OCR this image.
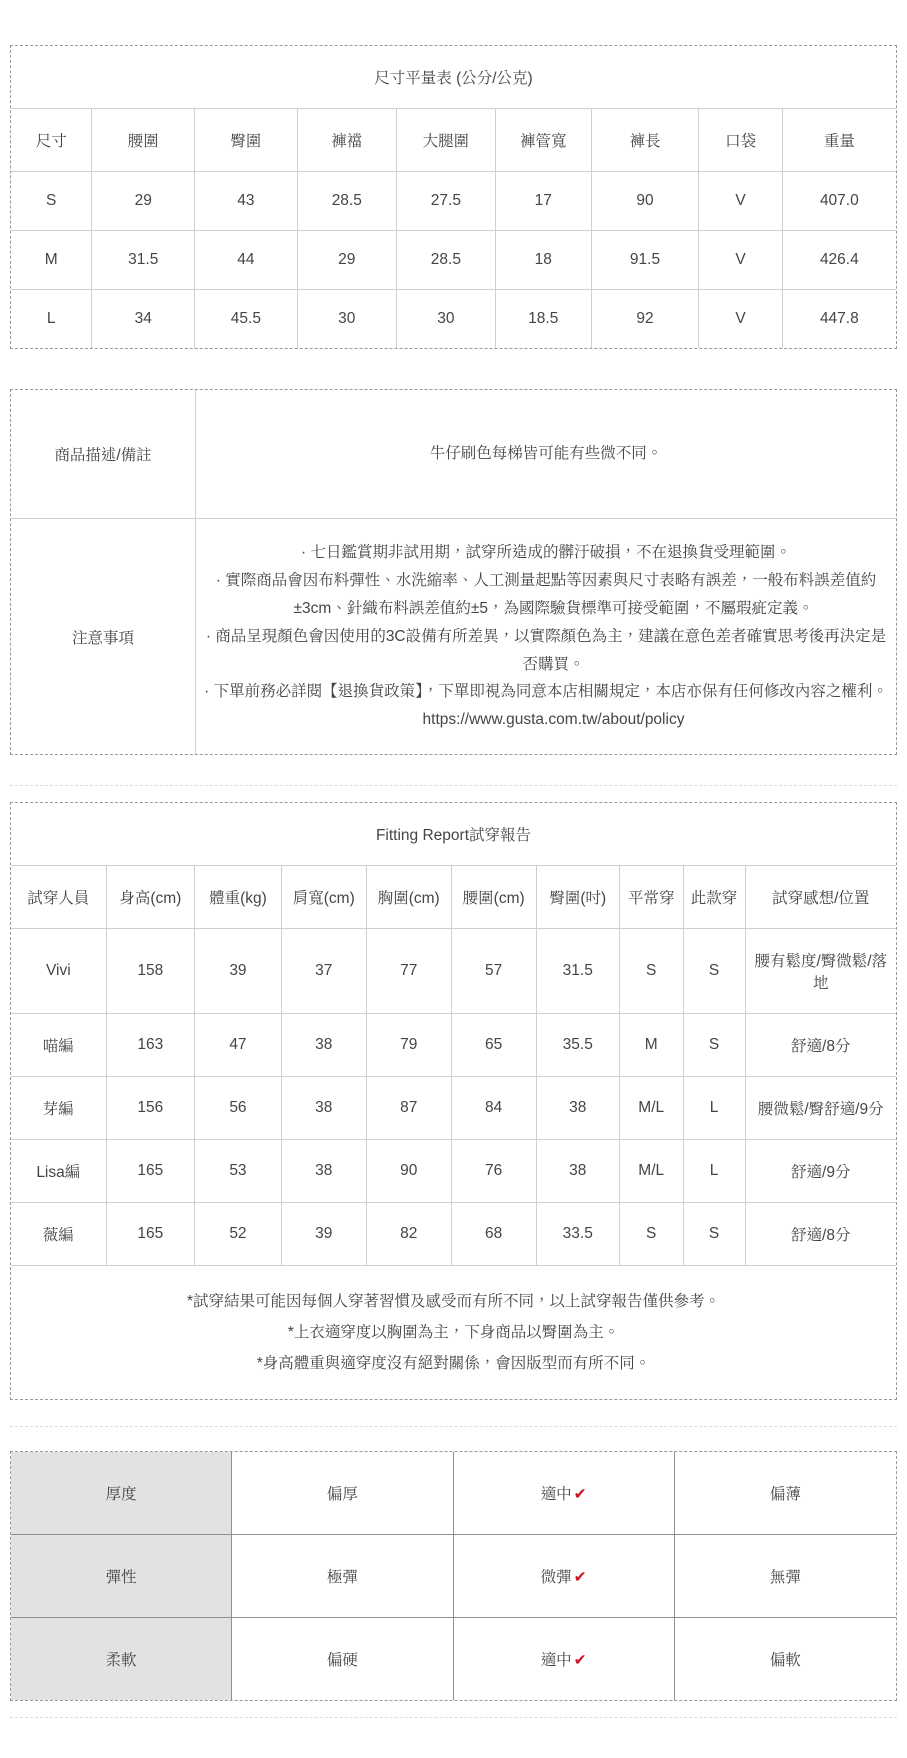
尺寸平量表 (公分/公克)								
尺寸	腰圍	臀圍	褲襠	大腿圍	褲管寬	褲長	口袋	重量
S	29	43	28.5	27.5	17	90	V	407.0
M	31.5	44	29	28.5	18	91.5	V	426.4
L	34	45.5	30	30	18.5	92	V	447.8
商品描述/備註	牛仔刷色每梯皆可能有些微不同。
注意事項	· 七日鑑賞期非試用期，試穿所造成的髒汙破損，不在退換貨受理範圍。
· 實際商品會因布料彈性、水洗縮率、人工測量起點等因素與尺寸表略有誤差，一般布料誤差值約±3cm、針織布料誤差值約±5，為國際驗貨標準可接受範圍，不屬瑕疵定義。
· 商品呈現顏色會因使用的3C設備有所差異，以實際顏色為主，建議在意色差者確實思考後再決定是否購買。
· 下單前務必詳閱【退換貨政策】，下單即視為同意本店相關規定，本店亦保有任何修改內容之權利。https://www.gusta.com.tw/about/policy
Fitting Report試穿報告									
試穿人員	身高(cm)	體重(kg)	肩寬(cm)	胸圍(cm)	腰圍(cm)	臀圍(吋)	平常穿	此款穿	試穿感想/位置
Vivi	158	39	37	77	57	31.5	S	S	腰有鬆度/臀微鬆/落地
喵編	163	47	38	79	65	35.5	M	S	舒適/8分
芽編	156	56	38	87	84	38	M/L	L	腰微鬆/臀舒適/9分
Lisa編	165	53	38	90	76	38	M/L	L	舒適/9分
薇編	165	52	39	82	68	33.5	S	S	舒適/8分

*試穿結果可能因每個人穿著習慣及感受而有所不同，以上試穿報告僅供參考。
*上衣適穿度以胸圍為主，下身商品以臀圍為主。
*身高體重與適穿度沒有絕對關係，會因版型而有所不同。									
厚度	偏厚	適中 ✔	偏薄
彈性	極彈	微彈 ✔	無彈
柔軟	偏硬	適中 ✔	偏軟
